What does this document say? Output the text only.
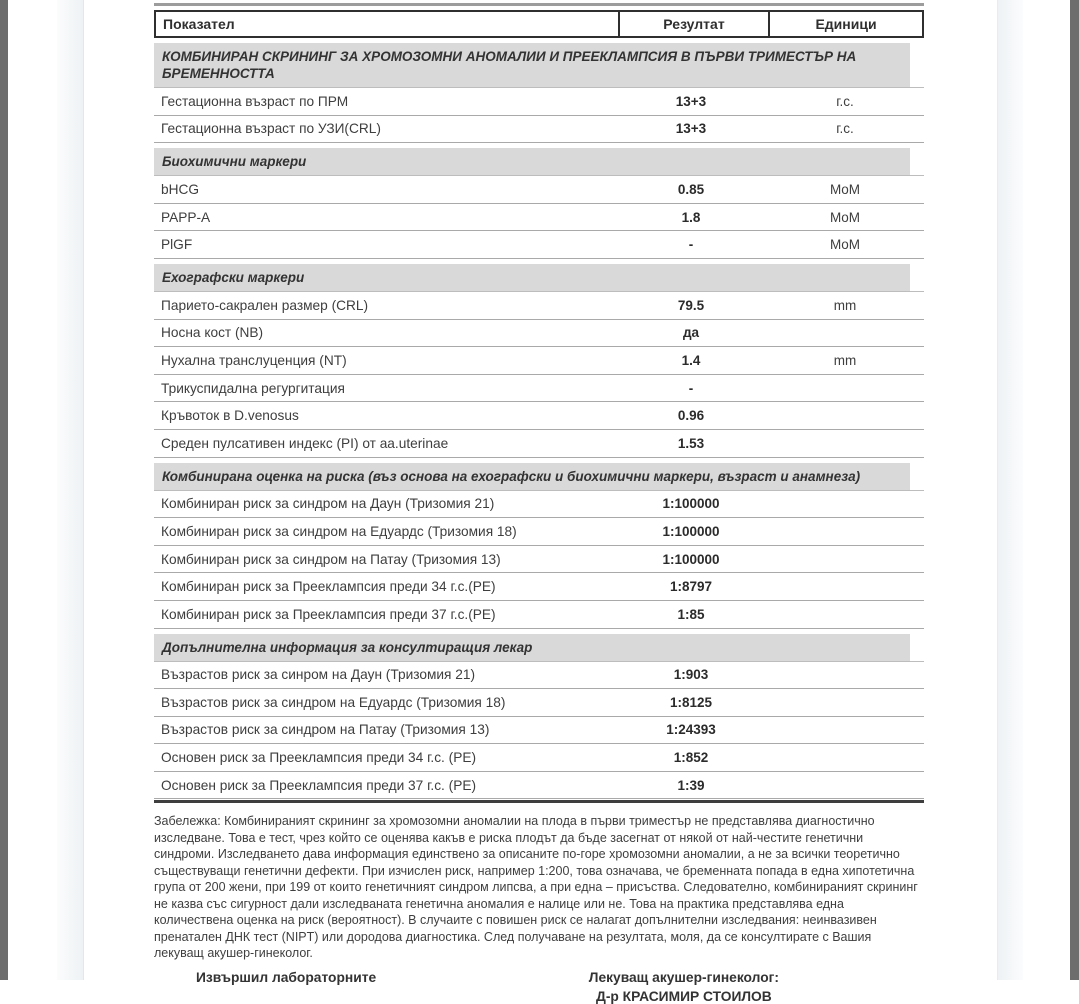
Показател	Резултат	Единици
КОМБИНИРАН СКРИНИНГ ЗА ХРОМОЗОМНИ АНОМАЛИИ И ПРЕЕКЛАМПСИЯ В ПЪРВИ ТРИМЕСТЪР НА БРЕМЕННОСТТА
Гестационна възраст по ПРМ	13+3	г.с.
Гестационна възраст по УЗИ(CRL)	13+3	г.с.
Биохимични маркери
bHCG	0.85	MoM
PAPP-A	1.8	MoM
PlGF	-	MoM
Ехографски маркери
Парието-сакрален размер (CRL)	79.5	mm
Носна кост (NB)	да
Нухална транслуценция (NT)	1.4	mm
Трикуспидална регургитация	-
Кръвоток в D.venosus	0.96
Среден пулсативен индекс (PI) от aa.uterinae	1.53
Комбинирана оценка на риска (въз основа на ехографски и биохимични маркери, възраст и анамнеза)
Комбиниран риск за синдром на Даун (Тризомия 21)	1:100000
Комбиниран риск за синдром на Едуардс (Тризомия 18)	1:100000
Комбиниран риск за синдром на Патау (Тризомия 13)	1:100000
Комбиниран риск за Прееклампсия преди 34 г.с.(PE)	1:8797
Комбиниран риск за Прееклампсия преди 37 г.с.(PE)	1:85
Допълнителна информация за консултиращия лекар
Възрастов риск за синром на Даун (Тризомия 21)	1:903
Възрастов риск за синдром на Едуардс (Тризомия 18)	1:8125
Възрастов риск за синдром на Патау (Тризомия 13)	1:24393
Основен риск за Прееклампсия преди 34 г.с. (PE)	1:852
Основен риск за Прееклампсия преди 37 г.с. (PE)	1:39
Забележка: Комбинираният скрининг за хромозомни аномалии на плода в първи триместър не представлява диагностично изследване. Това е тест, чрез който се оценява какъв е риска плодът да бъде засегнат от някой от най-честите генетични синдроми. Изследването дава информация единствено за описаните по-горе хромозомни аномалии, а не за всички теоретично съществуващи генетични дефекти. При изчислен риск, например 1:200, това означава, че бременната попада в една хипотетична група от 200 жени, при 199 от които генетичният синдром липсва, а при една – присъства. Следователно, комбинираният скрининг не казва със сигурност дали изследваната генетична аномалия е налице или не. Това на практика представлява една количествена оценка на риск (вероятност). В случаите с повишен риск се налагат допълнителни изследвания: неинвазивен пренатален ДНК тест (NIPT) или дородова диагностика. След получаване на резултата, моля, да се консултирате с Вашия лекуващ акушер-гинеколог.
Извършил лабораторните	Лекуващ акушер-гинеколог:
Д-р КРАСИМИР СТОИЛОВ
